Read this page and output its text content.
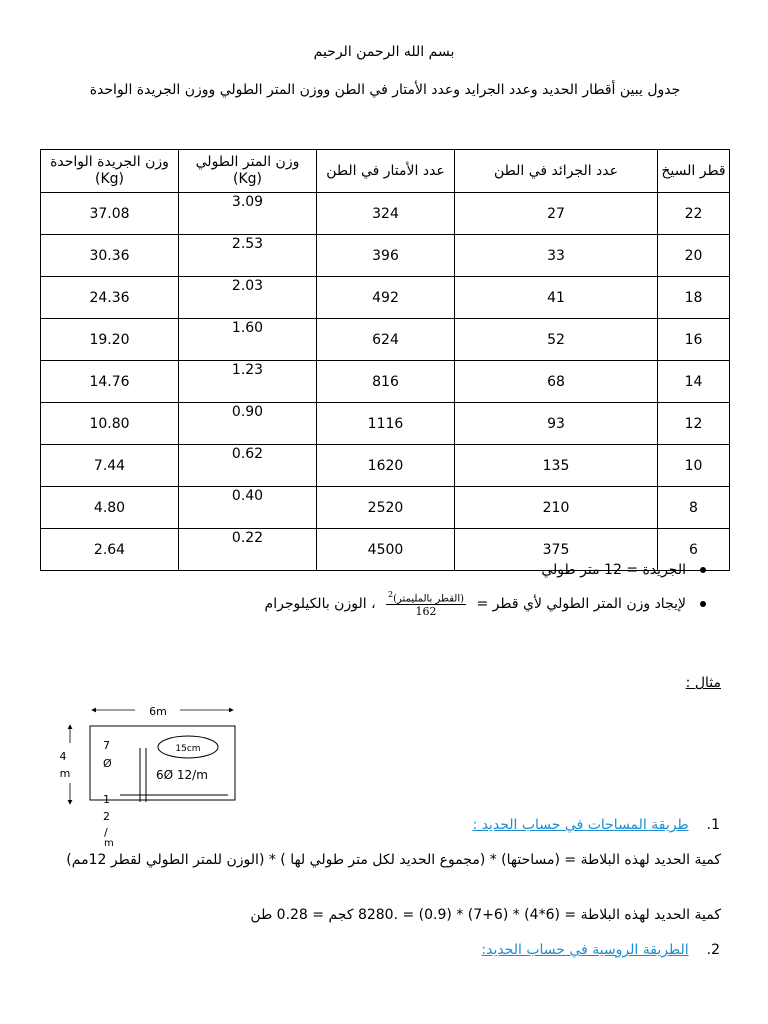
بسم الله الرحمن الرحيم
جدول يبين أقطار الحديد وعدد الجرايد وعدد الأمتار في الطن ووزن المتر الطولي ووزن الجريدة الواحدة
قطر السيخ	عدد الجرائد في الطن	عدد الأمتار في الطن	وزن المتر الطولي (Kg)	وزن الجريدة الواحدة (Kg)
22	27	324	3.09	37.08
20	33	396	2.53	30.36
18	41	492	2.03	24.36
16	52	624	1.60	19.20
14	68	816	1.23	14.76
12	93	1116	0.90	10.80
10	135	1620	0.62	7.44
8	210	2520	0.40	4.80
6	375	4500	0.22	2.64
الجريدة = 12 متر طولي
لإيجاد وزن المتر الطولي لأي قطر =
$\frac{(القطر بالمليمتر)^2}{162}$
، الوزن بالكيلوجرام
مثال :
6m
4
m
15cm
7
Ø
6Ø 12/m
1
2
/
m
1.طريقة المساحات في حساب الحديد :
كمية الحديد لهذه البلاطة = (مساحتها) * (مجموع الحديد لكل متر طولي لها ) * (الوزن للمتر الطولي لقطر 12مم)
كمية الحديد لهذه البلاطة = (6*4) * (6+7) * (0.9) = .8280 كجم = 0.28 طن
2.الطريقة الروسية في حساب الحديد:
